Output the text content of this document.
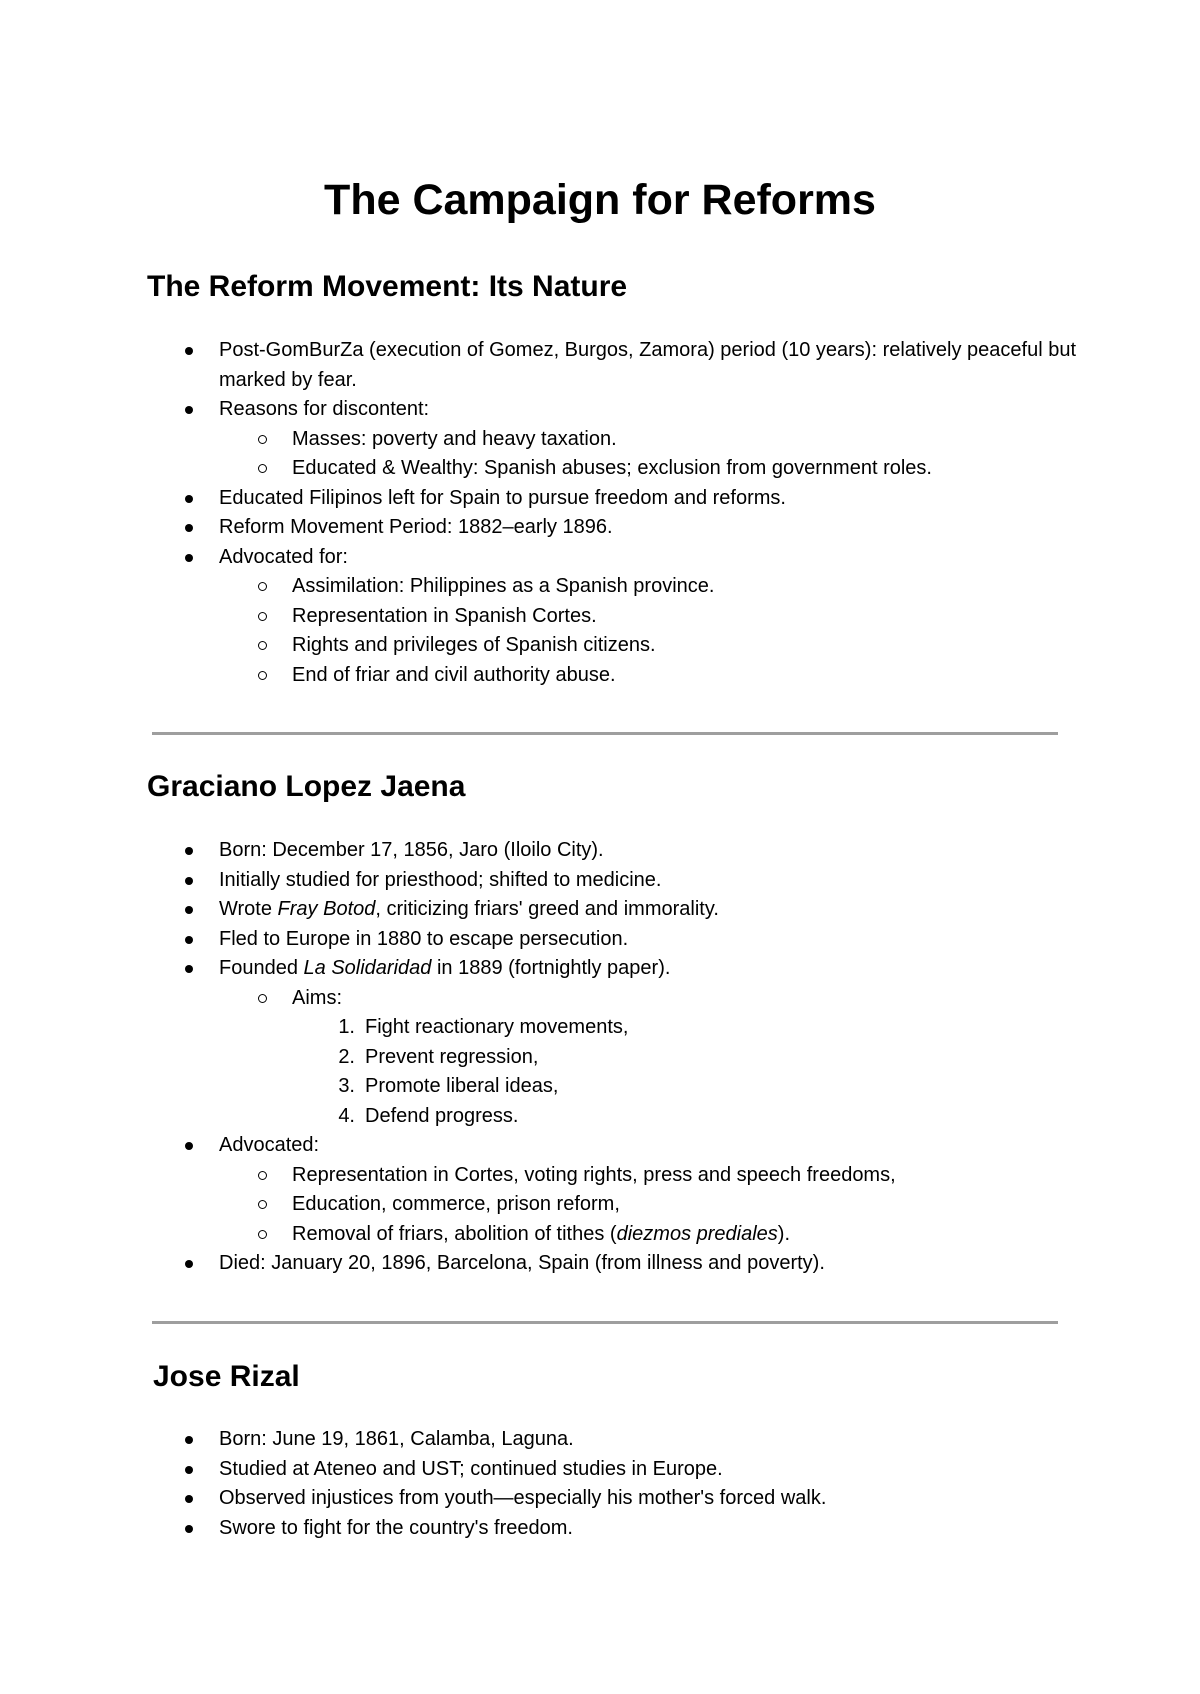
The Campaign for Reforms
The Reform Movement: Its Nature
Post-GomBurZa (execution of Gomez, Burgos, Zamora) period (10 years): relatively peaceful but marked by fear.
Reasons for discontent:
Masses: poverty and heavy taxation.
Educated & Wealthy: Spanish abuses; exclusion from government roles.
Educated Filipinos left for Spain to pursue freedom and reforms.
Reform Movement Period: 1882–early 1896.
Advocated for:
Assimilation: Philippines as a Spanish province.
Representation in Spanish Cortes.
Rights and privileges of Spanish citizens.
End of friar and civil authority abuse.
Graciano Lopez Jaena
Born: December 17, 1856, Jaro (Iloilo City).
Initially studied for priesthood; shifted to medicine.
Wrote Fray Botod, criticizing friars' greed and immorality.
Fled to Europe in 1880 to escape persecution.
Founded La Solidaridad in 1889 (fortnightly paper).
Aims:
1. Fight reactionary movements,
2. Prevent regression,
3. Promote liberal ideas,
4. Defend progress.
Advocated:
Representation in Cortes, voting rights, press and speech freedoms,
Education, commerce, prison reform,
Removal of friars, abolition of tithes (diezmos prediales).
Died: January 20, 1896, Barcelona, Spain (from illness and poverty).
Jose Rizal
Born: June 19, 1861, Calamba, Laguna.
Studied at Ateneo and UST; continued studies in Europe.
Observed injustices from youth—especially his mother's forced walk.
Swore to fight for the country's freedom.
